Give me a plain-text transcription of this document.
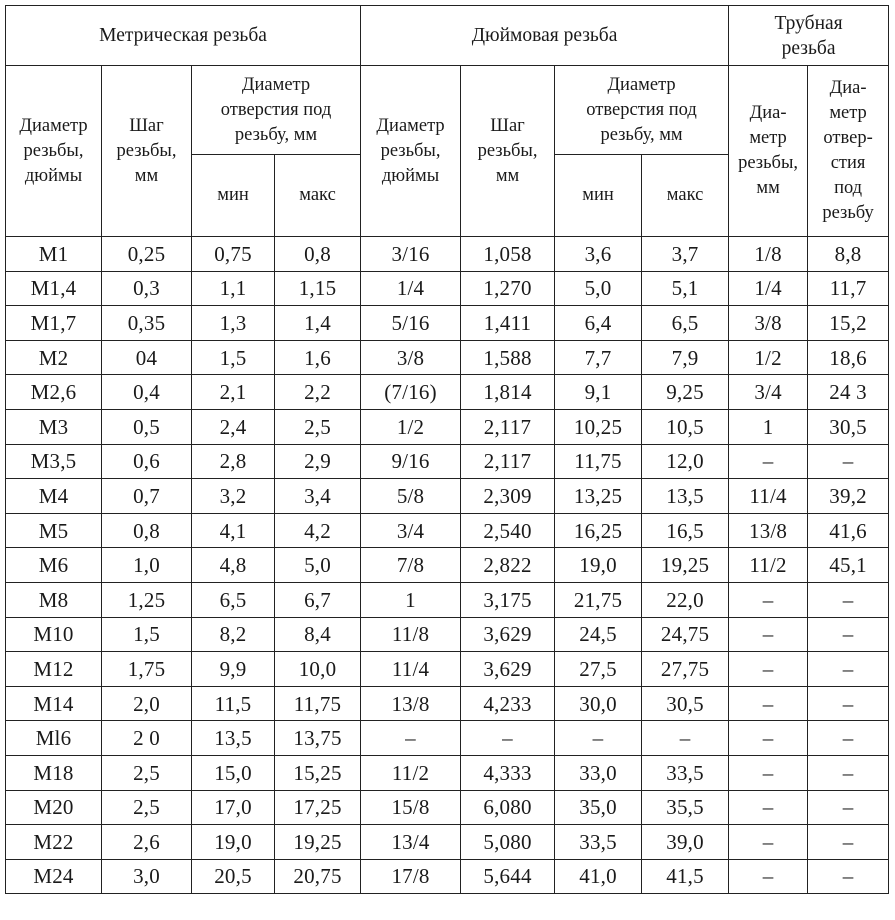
Метрическая резьба				Дюймовая резьба				Трубная резьба	
Диаметр резьбы, дюймы	Шаг резьбы, мм	Диаметр отверстия под резьбу, мм		Диаметр резьбы, дюймы	Шаг резьбы, мм	Диаметр отверстия под резьбу, мм		Диа- метр резьбы, мм	Диа- метр отвер- стия под резьбу
		мин	макс			мин	макс		
M1	0,25	0,75	0,8	3/16	1,058	3,6	3,7	1/8	8,8
M1,4	0,3	1,1	1,15	1/4	1,270	5,0	5,1	1/4	11,7
M1,7	0,35	1,3	1,4	5/16	1,411	6,4	6,5	3/8	15,2
M2	04	1,5	1,6	3/8	1,588	7,7	7,9	1/2	18,6
M2,6	0,4	2,1	2,2	(7/16)	1,814	9,1	9,25	3/4	24 3
M3	0,5	2,4	2,5	1/2	2,117	10,25	10,5	1	30,5
M3,5	0,6	2,8	2,9	9/16	2,117	11,75	12,0	–	–
M4	0,7	3,2	3,4	5/8	2,309	13,25	13,5	11/4	39,2
M5	0,8	4,1	4,2	3/4	2,540	16,25	16,5	13/8	41,6
M6	1,0	4,8	5,0	7/8	2,822	19,0	19,25	11/2	45,1
M8	1,25	6,5	6,7	1	3,175	21,75	22,0	–	–
M10	1,5	8,2	8,4	11/8	3,629	24,5	24,75	–	–
M12	1,75	9,9	10,0	11/4	3,629	27,5	27,75	–	–
M14	2,0	11,5	11,75	13/8	4,233	30,0	30,5	–	–
Ml6	2 0	13,5	13,75	–	–	–	–	–	–
M18	2,5	15,0	15,25	11/2	4,333	33,0	33,5	–	–
M20	2,5	17,0	17,25	15/8	6,080	35,0	35,5	–	–
M22	2,6	19,0	19,25	13/4	5,080	33,5	39,0	–	–
M24	3,0	20,5	20,75	17/8	5,644	41,0	41,5	–	–
